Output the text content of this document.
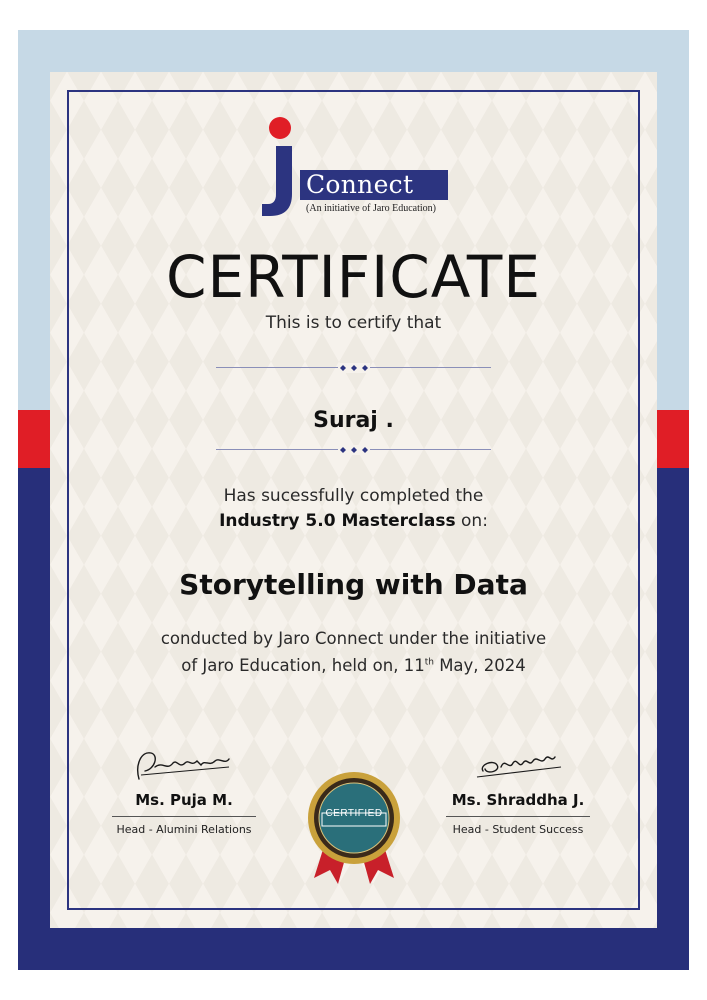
Connect
(An initiative of Jaro Education)
CERTIFICATE
This is to certify that
Suraj .
Has sucessfully completed the
Industry 5.0 Masterclass on:
Storytelling with Data
conducted by Jaro Connect under the initiative
of Jaro Education, held on, 11th May, 2024
Ms. Puja M.
Head - Alumini Relations
Ms. Shraddha J.
Head - Student Success
CERTIFIED
